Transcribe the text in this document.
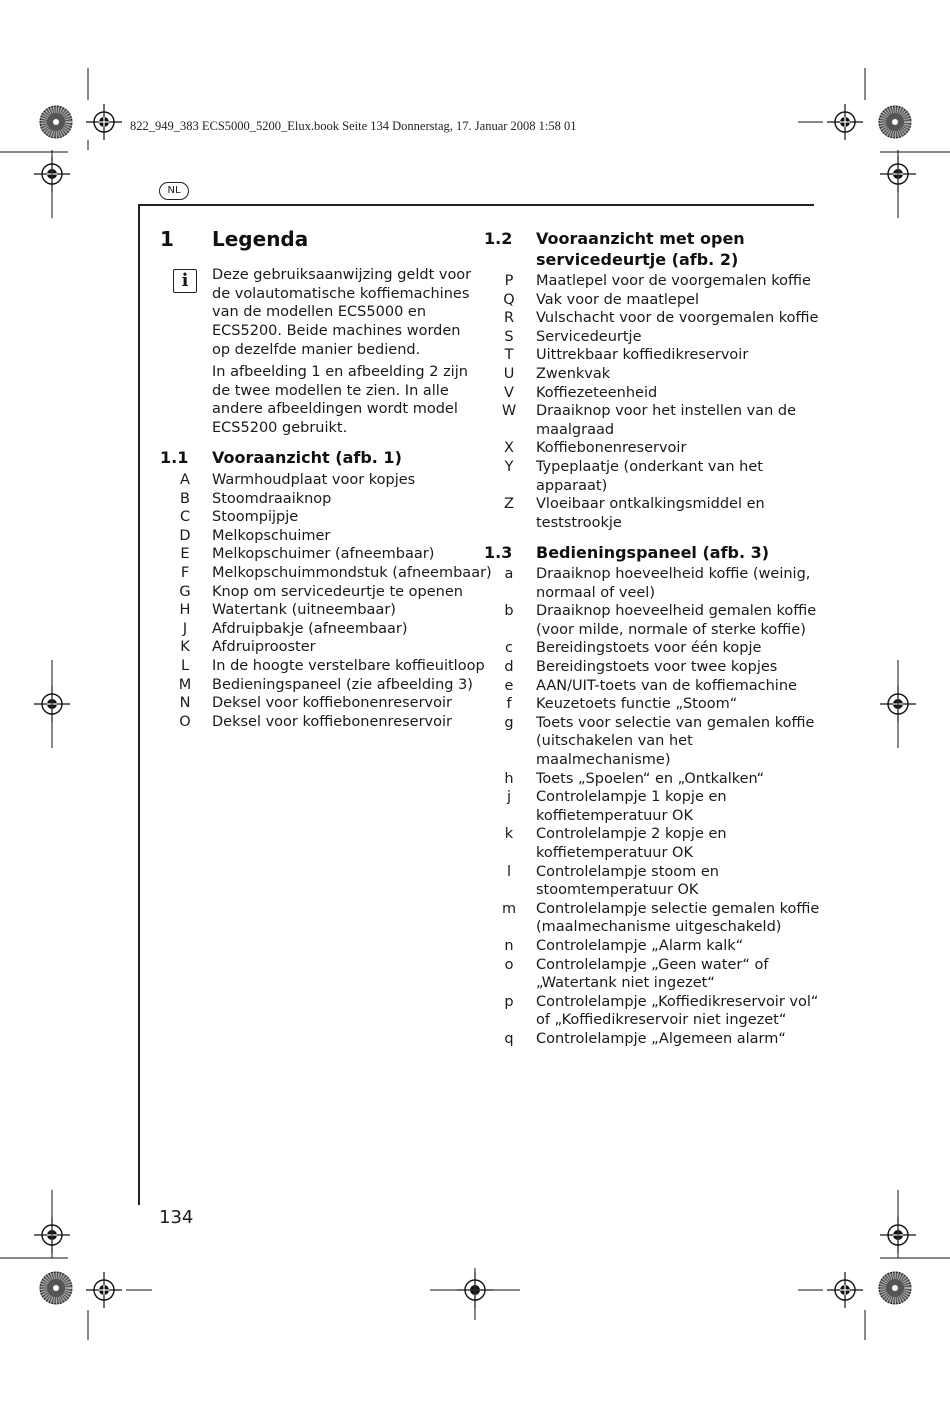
822_949_383 ECS5000_5200_Elux.book Seite 134 Donnerstag, 17. Januar 2008 1:58 01
NL
1 Legenda
i	Deze gebruiksaanwijzing geldt voor de volautomatische koffiemachines van de modellen ECS5000 en ECS5200. Beide machines worden op dezelfde manier bediend.
In afbeelding 1 en afbeelding 2 zijn de twee modellen te zien. In alle andere afbeeldingen wordt model ECS5200 gebruikt.
1.1 Vooraanzicht (afb. 1)
A	Warmhoudplaat voor kopjes
B	Stoomdraaiknop
C	Stoompijpje
D	Melkopschuimer
E	Melkopschuimer (afneembaar)
F	Melkopschuimmondstuk (afneembaar)
G	Knop om servicedeurtje te openen
H	Watertank (uitneembaar)
J	Afdruipbakje (afneembaar)
K	Afdruiprooster
L	In de hoogte verstelbare koffieuitloop
M Bedieningspaneel (zie afbeelding 3)
N	Deksel voor koffiebonenreservoir
O Deksel voor koffiebonenreservoir
1.2 Vooraanzicht met open
servicedeurtje (afb. 2)
P	Maatlepel voor de voorgemalen koffie
Q Vak voor de maatlepel
R	Vulschacht voor de voorgemalen koffie
S	Servicedeurtje
T	Uittrekbaar koffiedikreservoir
U	Zwenkvak
V	Koffiezeteenheid
W Draaiknop voor het instellen van de
maalgraad
X	Koffiebonenreservoir
Y	Typeplaatje (onderkant van het
apparaat)
Z	Vloeibaar ontkalkingsmiddel en
teststrookje
1.3 Bedieningspaneel (afb. 3)
a	Draaiknop hoeveelheid koffie (weinig,
normaal of veel)
b	Draaiknop hoeveelheid gemalen koffie
(voor milde, normale of sterke koffie)
c	Bereidingstoets voor één kopje
d	Bereidingstoets voor twee kopjes
e	AAN/UIT-toets van de koffiemachine
f	Keuzetoets functie „Stoom“
g	Toets voor selectie van gemalen koffie
(uitschakelen van het
maalmechanisme)
h	Toets „Spoelen“ en „Ontkalken“
j	Controlelampje 1 kopje en
koffietemperatuur OK
k	Controlelampje 2 kopje en
koffietemperatuur OK
l	Controlelampje stoom en
stoomtemperatuur OK
m Controlelampje selectie gemalen koffie
(maalmechanisme uitgeschakeld)
n	Controlelampje „Alarm kalk“
o	Controlelampje „Geen water“ of
„Watertank niet ingezet“
p	Controlelampje „Koffiedikreservoir vol“
of „Koffiedikreservoir niet ingezet“
q	Controlelampje „Algemeen alarm“
134
